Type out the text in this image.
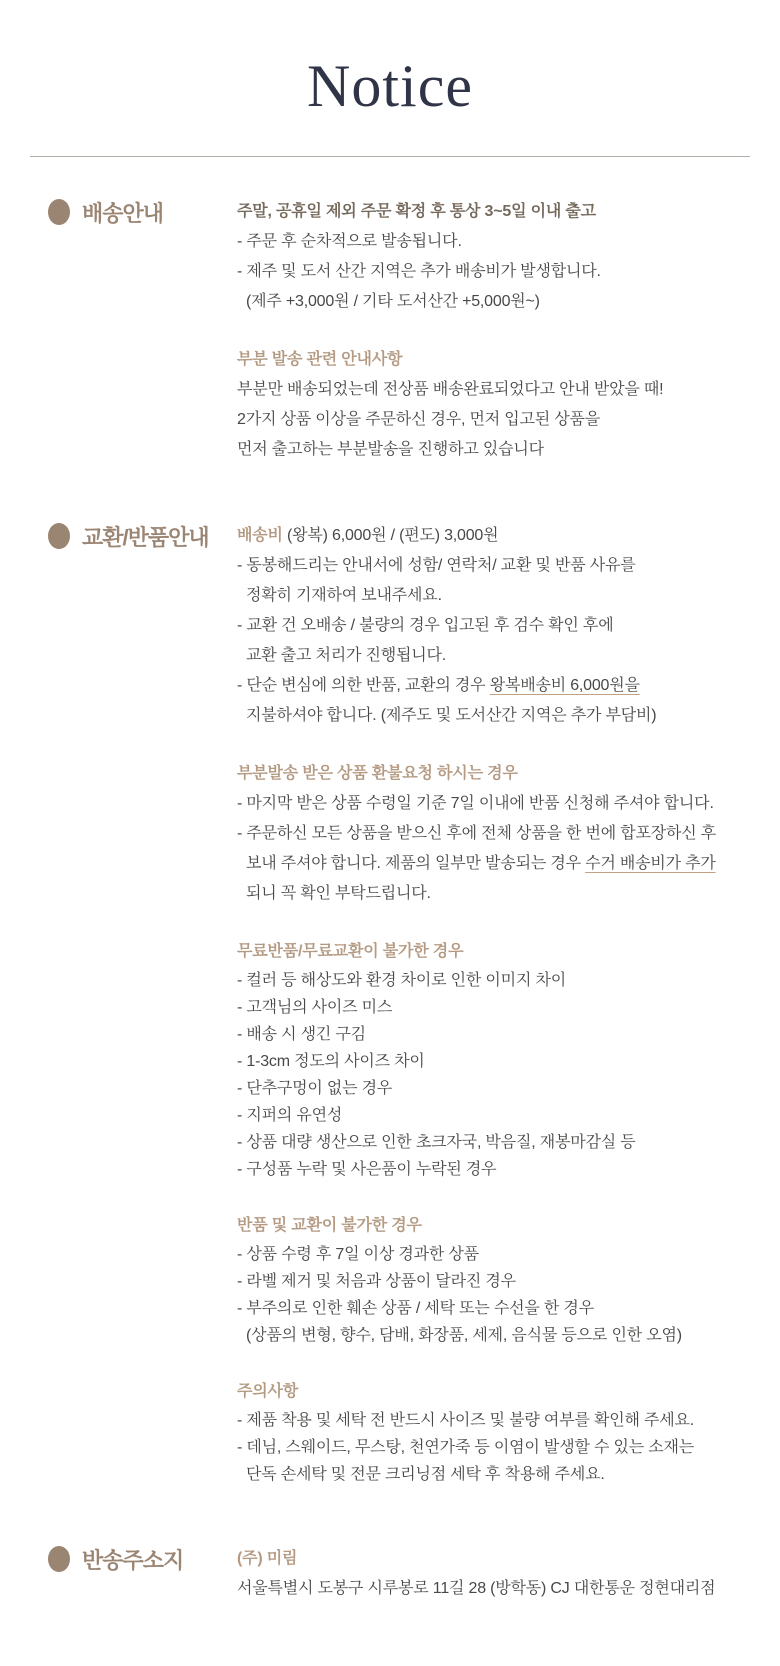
Notice
배송안내	주말, 공휴일 제외 주문 확정 후 통상 3~5일 이내 출고
- 주문 후 순차적으로 발송됩니다.
- 제주 및 도서 산간 지역은 추가 배송비가 발생합니다.
(제주 +3,000원 / 기타 도서산간 +5,000원~)
부분 발송 관련 안내사항
부분만 배송되었는데 전상품 배송완료되었다고 안내 받았을 때!
2가지 상품 이상을 주문하신 경우, 먼저 입고된 상품을
먼저 출고하는 부분발송을 진행하고 있습니다
교환/반품안내 배송비 (왕복) 6,000원 / (편도) 3,000원
- 동봉해드리는 안내서에 성함/ 연락처/ 교환 및 반품 사유를
정확히 기재하여 보내주세요.
- 교환 건 오배송 / 불량의 경우 입고된 후 검수 확인 후에
교환 출고 처리가 진행됩니다.
- 단순 변심에 의한 반품, 교환의 경우 왕복배송비 6,000원을
지불하셔야 합니다. (제주도 및 도서산간 지역은 추가 부담비)
부분발송 받은 상품 환불요청 하시는 경우
- 마지막 받은 상품 수령일 기준 7일 이내에 반품 신청해 주셔야 합니다.
- 주문하신 모든 상품을 받으신 후에 전체 상품을 한 번에 합포장하신 후
보내 주셔야 합니다. 제품의 일부만 발송되는 경우 수거 배송비가 추가
되니 꼭 확인 부탁드립니다.
무료반품/무료교환이 불가한 경우
- 컬러 등 해상도와 환경 차이로 인한 이미지 차이
- 고객님의 사이즈 미스
- 배송 시 생긴 구김
- 1-3cm 정도의 사이즈 차이
- 단추구멍이 없는 경우
- 지퍼의 유연성
- 상품 대량 생산으로 인한 초크자국, 박음질, 재봉마감실 등
- 구성품 누락 및 사은품이 누락된 경우
반품 및 교환이 불가한 경우
- 상품 수령 후 7일 이상 경과한 상품
- 라벨 제거 및 처음과 상품이 달라진 경우
- 부주의로 인한 훼손 상품 / 세탁 또는 수선을 한 경우
(상품의 변형, 향수, 담배, 화장품, 세제, 음식물 등으로 인한 오염)
주의사항
- 제품 착용 및 세탁 전 반드시 사이즈 및 불량 여부를 확인해 주세요.
- 데님, 스웨이드, 무스탕, 천연가죽 등 이염이 발생할 수 있는 소재는
단독 손세탁 및 전문 크리닝점 세탁 후 착용해 주세요.
반송주소지	(주) 미림
서울특별시 도봉구 시루봉로 11길 28 (방학동) CJ 대한통운 정현대리점
